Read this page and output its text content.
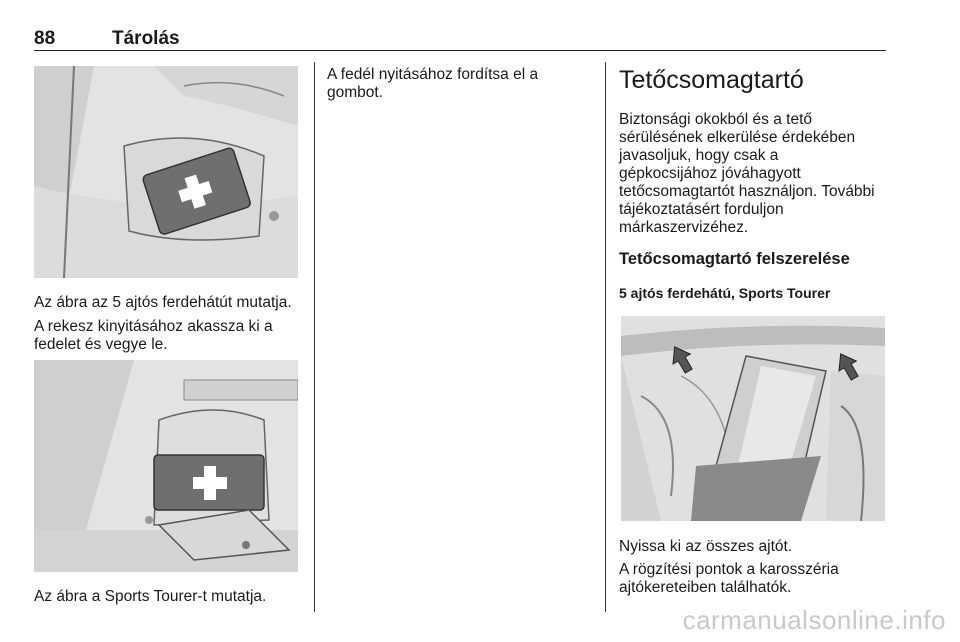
88	Tárolás

Az ábra az 5 ajtós ferdehátút mutatja.

A rekesz kinyitásához akassza ki a fedelet és vegye le.

Az ábra a Sports Tourer-t mutatja.

A fedél nyitásához fordítsa el a gombot.	Tetőcsomagtartó

Biztonsági okokból és a tető sérülésének elkerülése érdekében javasoljuk, hogy csak a gépkocsijához jóváhagyott tetőcsomagtartót használjon. További tájékoztatásért forduljon márkaszervizéhez.

Tetőcsomagtartó felszerelése
5 ajtós ferdehátú, Sports Tourer

Nyissa ki az összes ajtót.

A rögzítési pontok a karosszéria ajtókereteiben találhatók.

carmanualsonline.info
